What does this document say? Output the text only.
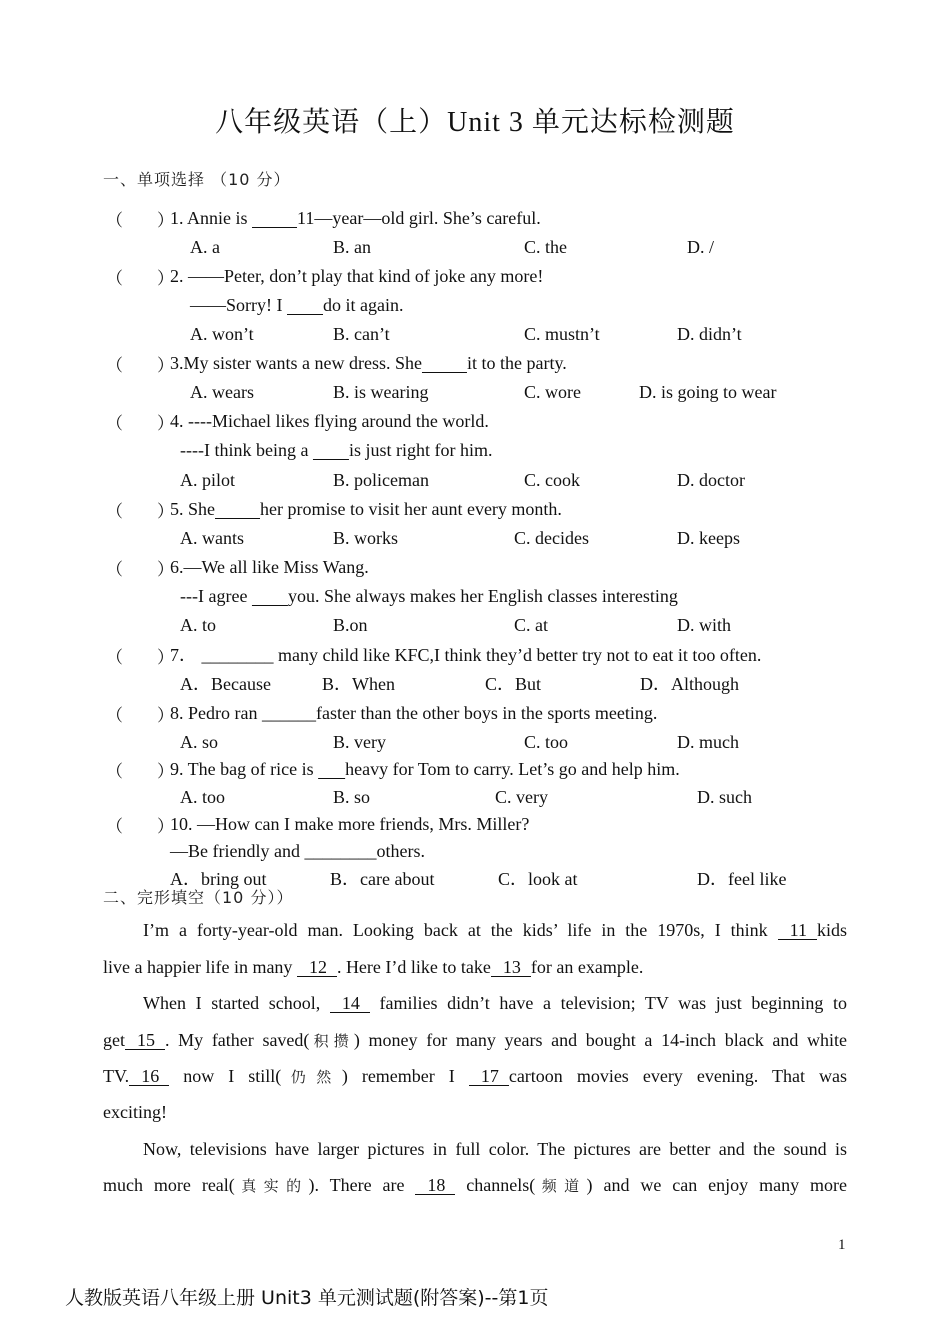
八年级英语（上）Unit 3 单元达标检测题
一、单项选择 （10 分）
（　　）
1. Annie is	11—year—old girl. She’s careful.
A. a	B. an	C. the	D. /
（　　）
2. ——Peter, don’t play that kind of joke any more!
——Sorry! I         do it again.
A. won’t	B. can’t	C. mustn’t	D. didn’t
（　　）
3.My sister wants a new dress. She	it to the party.
A. wears	B. is wearing	C. wore	D. is going to wear
（　　）
4. ----Michael likes flying around the world.
----I think being a         is just right for him.
A. pilot	B. policeman	C. cook	D. doctor
（　　）
5. She	her promise to visit her aunt every month.
A. wants	B. works	C. decides	D. keeps
（　　）
6.—We all like Miss Wang.
---I agree         you. She always makes her English classes interesting
A. to	B.on	C. at	D. with
（　　）
7． ________ many child like KFC,I think they’d better try not to eat it too often.
A．Because	B．When	C．But	D．Although
（　　）
8. Pedro ran ______faster than the other boys in the sports meeting.
A. so	B. very	C. too	D. much
（　　）
9. The bag of rice is       heavy for Tom to carry. Let’s go and help him.
A. too	B. so	C. very	D. such
（　　）
10. —How can I make more friends, Mrs. Miller?
—Be friendly and ________others.
A．bring out	B．care about	C．look at	D．feel like
二、完形填空（10 分））
I’m a forty-year-old man. Looking back at the kids’ life in the 1970s, I think 11 kids
live a happier life in many 12 . Here I’d like to take 13 for an example.
When I started school, 14 families didn’t have a television; TV was just beginning to
get 15 . My father saved(积攒) money for many years and bought a 14-inch black and white
TV. 16 now I still(仍然) remember I 17 cartoon movies every evening. That was
exciting!
Now, televisions have larger pictures in full color. The pictures are better and the sound is
much more real(真实的). There are 18 channels(频道) and we can enjoy many more
1
人教版英语八年级上册 Unit3 单元测试题(附答案)--第1页
